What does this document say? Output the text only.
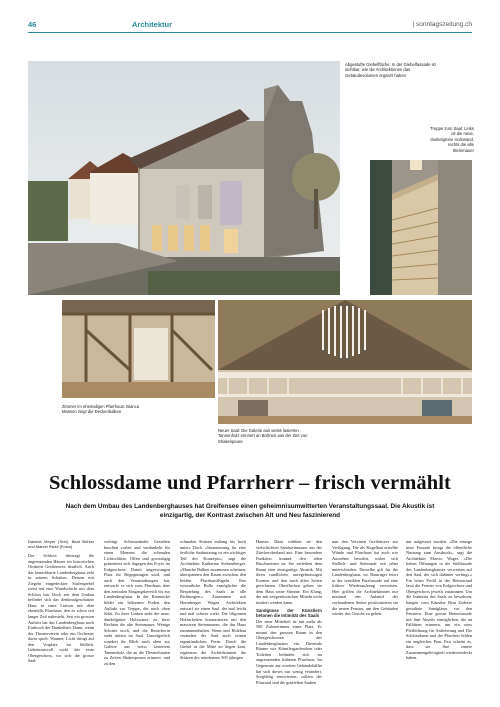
46	Architektur	| sonntagszeitung.ch
Abgestufte Giebelfläche: In der Giebelfassade ist sichtbar, wie die Architektinnen das Gebäudevolumen ergänzt haben
Treppe zum Saal: Links ist die neue, dunkelgrüne Holzwand, rechts die alte Steinmauer
Zimmer im ehemaligen Pfarrhaus: Bianca Masson zeigt die Deckenbalken
Neuer Saal: Die Galerie aus weiss lasierten Tannenholz erinnert an Bühnen aus der Zeit von Shakespeare
Schlossdame und Pfarrherr – frisch vermählt
Nach dem Umbau des Landenberghauses hat Greifensee einen geheimnisumwitterten Veranstaltungssaal. Die Akustik ist einzigartig, der Kontrast zwischen Alt und Neu faszinierend

Daniela Meyer (Text), Beat Bühler und Marcel Rickli (Fotos)

Der Schloss überragt die angrenzenden Häuser im historischen Ortskern Greifensees deutlich. Auch das benachbarte Landenberghaus zeht in seinem Schatten. Dessen mit Ziegeln eingedeckter Stufengiebel weist auf eine Wandschicht mit dem Schloss hin. Doch seit dem Umbau befindet sich das denkmalgeschützte Haus in einer Liaison mit dem ebenfalls Pfarrhaus, den es schon seit langer Zeit nahesteht. Seit ein grossen Auftritt hat das Landenberghaus nach Einbruch der Dunkelheit. Dann, wenn der Theaterverein oder ein Orchester darin spielt. Wanner, Licht dringt auf den Vorplatz im Südlich. Geheimnisvoll wirkt das erste Obergeschoss, wo sich die grosse Saal-

verbirgt. Schemenhafte Gestalten huschen vorbei und verdunkeln für einen Moment die schmalen Lichtschlitze. Offen und grosszügig präsentiert sich dagegen das Foyer im Erdgeschoss. Damit ungezwungen Platz für Begegnungen wird, und auch den Veranstaltungen hat, entwarfe es sich vom Pfarrhaus aber den zentralen Eingangsbereich bis zur Landenberghaus. In der Raumecke bildet ein hölzernes Podest den Auftakt zur Treppe, die nach oben führt. Zu ihrer Linken steht die neue, dunkelgrüne Holzwand, zu ihrer Rechten die alte Steinmauer. Wenige Schritte noch, und die Besucherin steht mitten im Saal. Unweigerlich wandert ihr Blick nach oben zur Galerie aus weiss lasiertem Tannenholz, die an die Theaterbauten zu Zeiten Shakespeares erinnert, und zu den

schmalen Stützen entlang bis hoch unters Dach. «Inszenierung für eine festliche Saalnutzung ist ein wichtiger Teil des Konzepts», sagt die Architektin Katharina Stehrenberger. «Manche Balken zusammen scheinen, überspannen den Raum zwischen den beiden Pfarrhausflügeln. Ihre wesentliche Rolle ermöglichte die Bespielung des Saals in alle Richtungen.» Zusammen mit Herrnberger Wagen Architekten entwarf sie einen Saal, der mal leicht und mal schwer wirkt. Die filigranen Holzarbeiten kontrastieren mit den massiven Steinmauern, die das Haus zusammenhalten. Wenn und Holzbau verändert der Saal auch seinen eigentümlichen Form. Durch die Giebel in die Mitte zu liegen kam, ergänzten die Architektinnen die Stützen des mindestens 500 jährigen

Hauses. Dazu wählten sie den vielschichten Sandsteinmauer aus der Zürcheroberland aus. Eine besondere Funktion kommt den alten Bruchsteinen zu: Sie verleihen dem Raum eine einzigartige Akustik. Mit ihren rundlichen, unregelmässigen Formen und den nach allen Seiten gerichteten Oberflächen geben sie dem Haus seine Stimme. Ein Klang, der mit zeitgenössischen Mitteln nicht imitiert werden kann.

Sandgüsse der Künstlern betonen die Intimität des Saals

Der neue Mittelteil ist mit mehr als 500 Zuhörerinnen eines Platz. Er nimmt den grossen Raum in den Obergeschossen des Landenberghauses ein. Dieserale Räume wie Künstlergarderoben oder Toiletten befinden sich im angrenzenden früheren Pfarrhaus. Im Gegensatz zur zweiten Gebäudehälfte hat sich dieses nur wenig verändert. Sorgfältig renovierten, sollten der Pfarrsaal und die getäfelten Stuben

nun den Vereinen Greifensees zur Verfügung. Die als Kugelbau erstellte Wände und Pfarrhaus hat auch wie Aussehen bewahrt, wobei sich Südlich- und Seitenade seit jeher unterschieden. Dasselbe gilt für die Landenberghaus, wo Bauträger feiert in der sensiblen Putzfassade auf eine frühere Wiederaufzeug verweisen. Hier griffen die Architektinnen nur minimal ein: Anhand der vorhandenen Steine positionierten sie die neuen Fenster, um den Gebäuden wieder das Gesicht zu geben.

nur aufgesetzt wurden. «Die einzige neue Fassade bringt die öffentliche Nutzung zum Ausdruck», sagt die Architektin Marcio Wager. «Die hohen Öffnungen in der Südfassade des Landenberghauses verweisen auf den Saal, der sich dahinter verbirgt.» Ein leises Profil in der Betonwand fasst die Fenster von Erdgeschoss und Obergeschoss jeweils zusammen. Um die Intimität des Saals zu bewahren, hängen vorn Künstler Beat Zoderer gestaltete Sandgläser vor den Fenstern. Eine grosse Betonfassade mit fünf Abseits ermöglichen, die an Falltüren erinnern, um ein rotes Pfeilöffnung für Anlieferung und Die Schlossdame und der Pfarrherr bilden ein ungleiches Paar. Fast scheint es, dass sie ihre innere Zusammengehörigkeit wiederentdeckt haben.
